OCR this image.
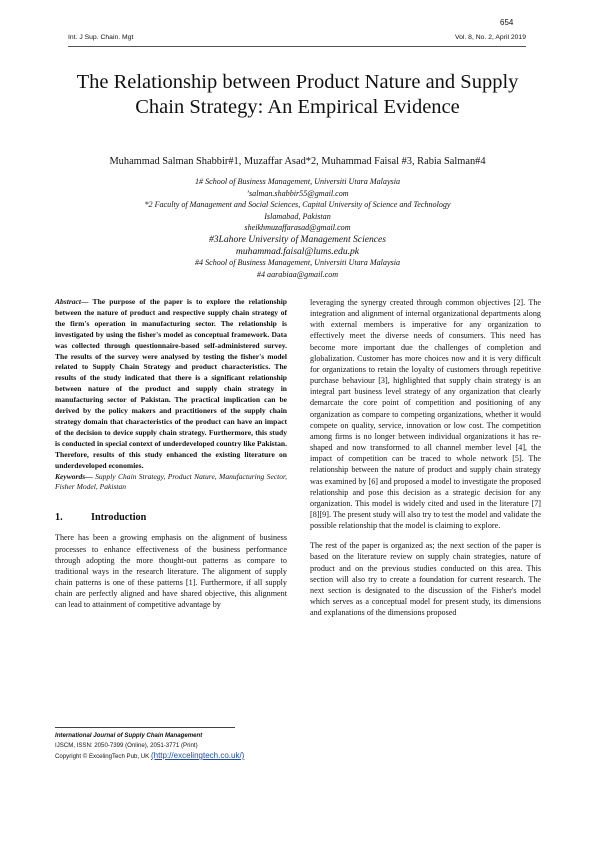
654
Int. J Sup. Chain. Mgt	Vol. 8, No. 2, April 2019
The Relationship between Product Nature and Supply Chain Strategy: An Empirical Evidence
Muhammad Salman Shabbir#1, Muzaffar Asad*2, Muhammad Faisal #3, Rabia Salman#4
1# School of Business Management, Universiti Utara Malaysia
ʼsalman.shabbir55@gmail.com
*2 Faculty of Management and Social Sciences, Capital University of Science and Technology
Islamabad, Pakistan
sheikhmuzaffarasad@gmail.com
#3Lahore University of Management Sciences
muhammad.faisal@lums.edu.pk
#4 School of Business Management, Universiti Utara Malaysia
#4 aarabiaa@gmail.com

Abstract— The purpose of the paper is to explore the relationship between the nature of product and respective supply chain strategy of the firm's operation in manufacturing sector. The relationship is investigated by using the fisher's model as conceptual framework. Data was collected through questionnaire-based self-administered survey. The results of the survey were analysed by testing the fisher's model related to Supply Chain Strategy and product characteristics. The results of the study indicated that there is a significant relationship between nature of the product and supply chain strategy in manufacturing sector of Pakistan. The practical implication can be derived by the policy makers and practitioners of the supply chain strategy domain that characteristics of the product can have an impact of the decision to device supply chain strategy. Furthermore, this study is conducted in special context of underdeveloped country like Pakistan. Therefore, results of this study enhanced the existing literature on underdeveloped economies.

Keywords— Supply Chain Strategy, Product Nature, Manufacturing Sector, Fisher Model, Pakistan

1.	Introduction

There has been a growing emphasis on the alignment of business processes to enhance effectiveness of the business performance through adopting the more thought-out patterns as compare to traditional ways in the research literature. The alignment of supply chain patterns is one of these patterns [1]. Furthermore, if all supply chain are perfectly aligned and have shared objective, this alignment can lead to attainment of competitive advantage by

leveraging the synergy created through common objectives [2]. The integration and alignment of internal organizational departments along with external members is imperative for any organization to effectively meet the diverse needs of consumers. This need has become more important due the challenges of completion and globalization. Customer has more choices now and it is very difficult for organizations to retain the loyalty of customers through repetitive purchase behaviour [3], highlighted that supply chain strategy is an integral part business level strategy of any organization that clearly demarcate the core point of competition and positioning of any organization as compare to competing organizations, whether it would compete on quality, service, innovation or low cost. The competition among firms is no longer between individual organizations it has re-shaped and now transformed to all channel member level [4], the impact of competition can be traced to whole network [5]. The relationship between the nature of product and supply chain strategy was examined by [6] and proposed a model to investigate the proposed relationship and pose this decision as a strategic decision for any organization. This model is widely cited and used in the literature [7][8][9]. The present study will also try to test the model and validate the possible relationship that the model is claiming to explore.

The rest of the paper is organized as; the next section of the paper is based on the literature review on supply chain strategies, nature of product and on the previous studies conducted on this area. This section will also try to create a foundation for current research. The next section is designated to the discussion of the Fisher's model which serves as a conceptual model for present study, its dimensions and explanations of the dimensions proposed

International Journal of Supply Chain Management
IJSCM, ISSN: 2050-7399 (Online), 2051-3771 (Print)
Copyright © ExcelingTech Pub, UK (http://excelingtech.co.uk/)
